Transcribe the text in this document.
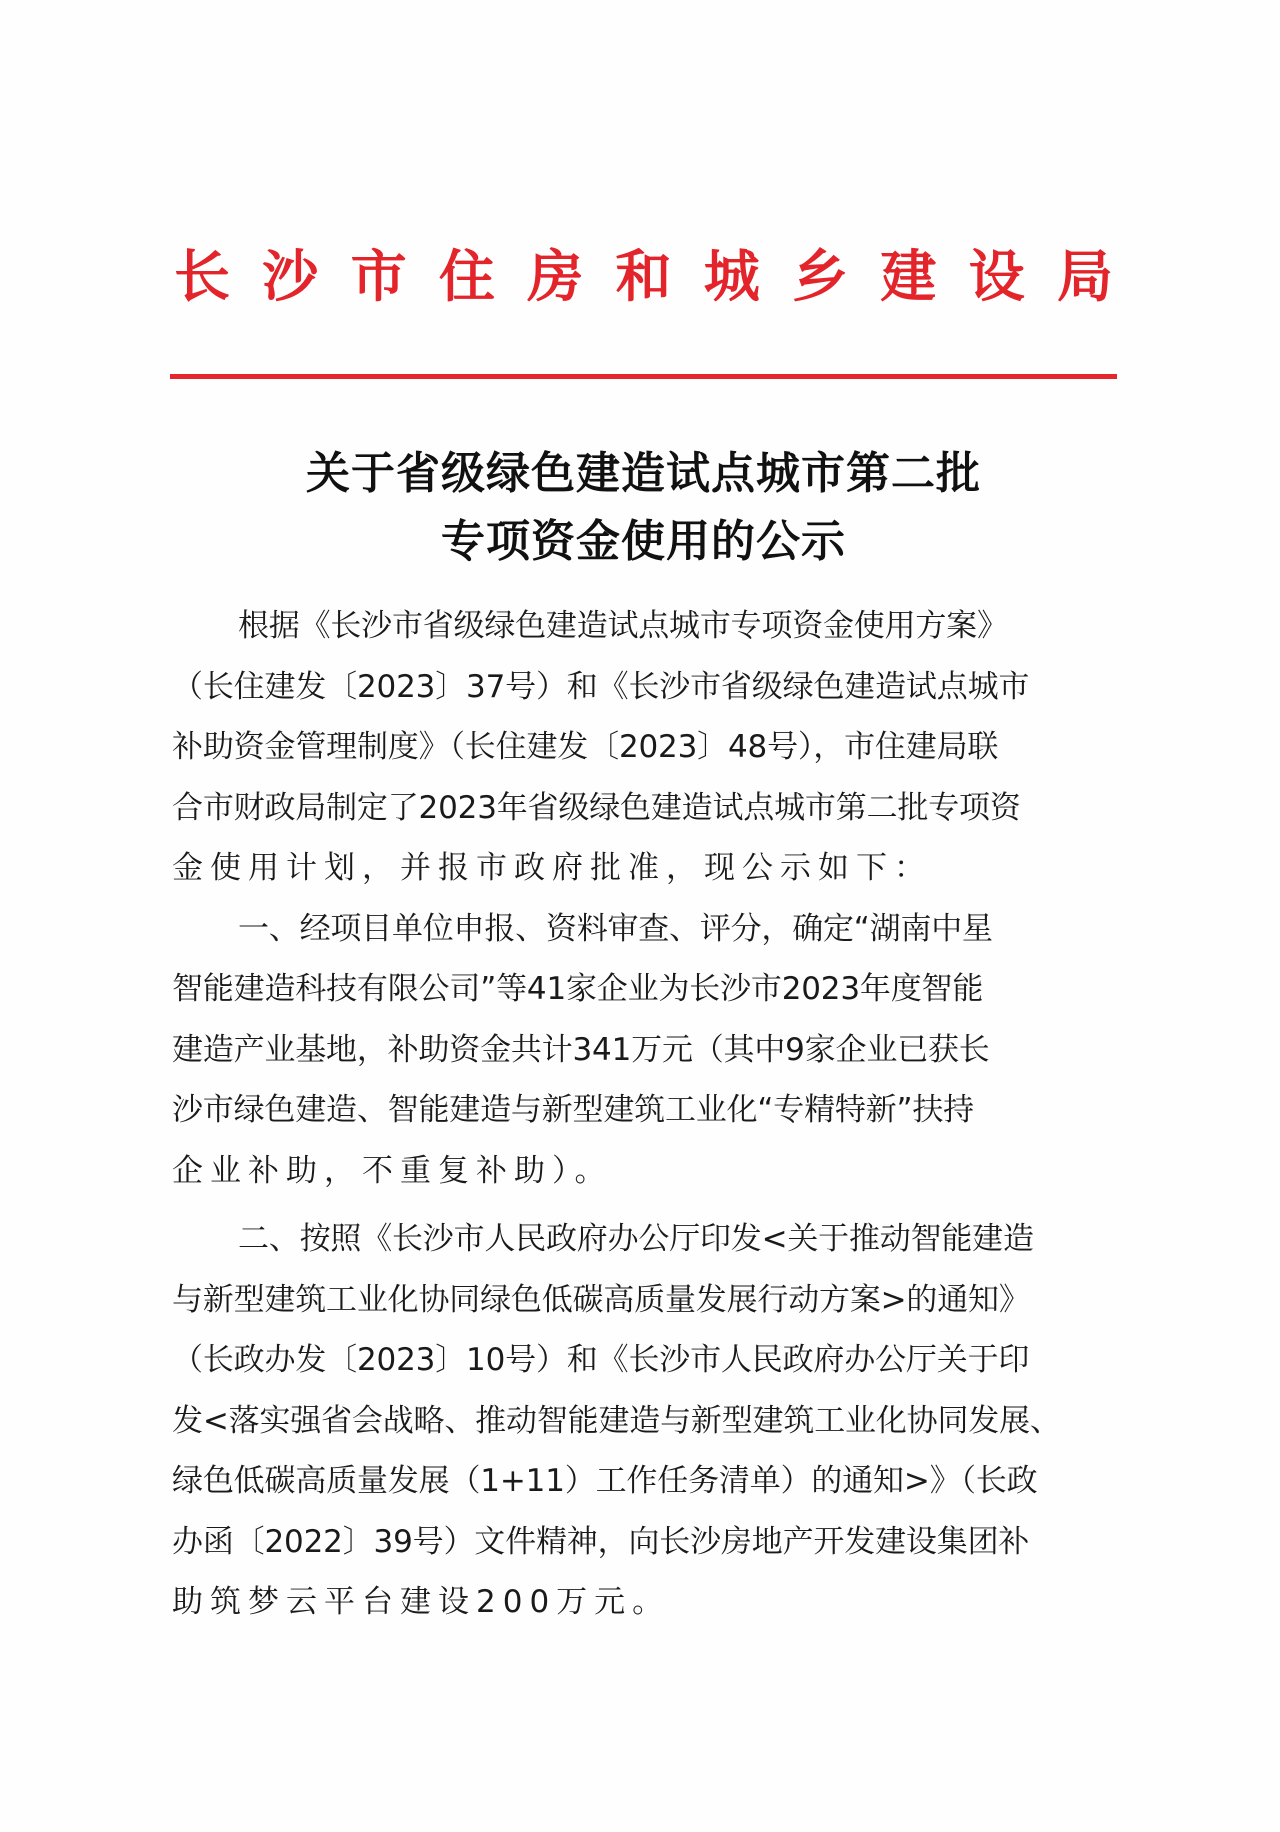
长 沙 市 住 房 和 城 乡 建 设 局
关于省级绿色建造试点城市第二批
专项资金使用的公示
根据《长沙市省级绿色建造试点城市专项资金使用方案》
（长住建发〔2023〕37号）和《长沙市省级绿色建造试点城市
补助资金管理制度》（长住建发〔2023〕48号），市住建局联
合市财政局制定了2023年省级绿色建造试点城市第二批专项资
金使用计划，并报市政府批准，现公示如下：
一、经项目单位申报、资料审查、评分，确定“湖南中星
智能建造科技有限公司”等41家企业为长沙市2023年度智能
建造产业基地，补助资金共计341万元（其中9家企业已获长
沙市绿色建造、智能建造与新型建筑工业化“专精特新”扶持
企业补助，不重复补助）。
二、按照《长沙市人民政府办公厅印发<关于推动智能建造
与新型建筑工业化协同绿色低碳高质量发展行动方案>的通知》
（长政办发〔2023〕10号）和《长沙市人民政府办公厅关于印
发<落实强省会战略、推动智能建造与新型建筑工业化协同发展、
绿色低碳高质量发展（1+11）工作任务清单）的通知>》（长政
办函〔2022〕39号）文件精神，向长沙房地产开发建设集团补
助筑梦云平台建设200万元。
